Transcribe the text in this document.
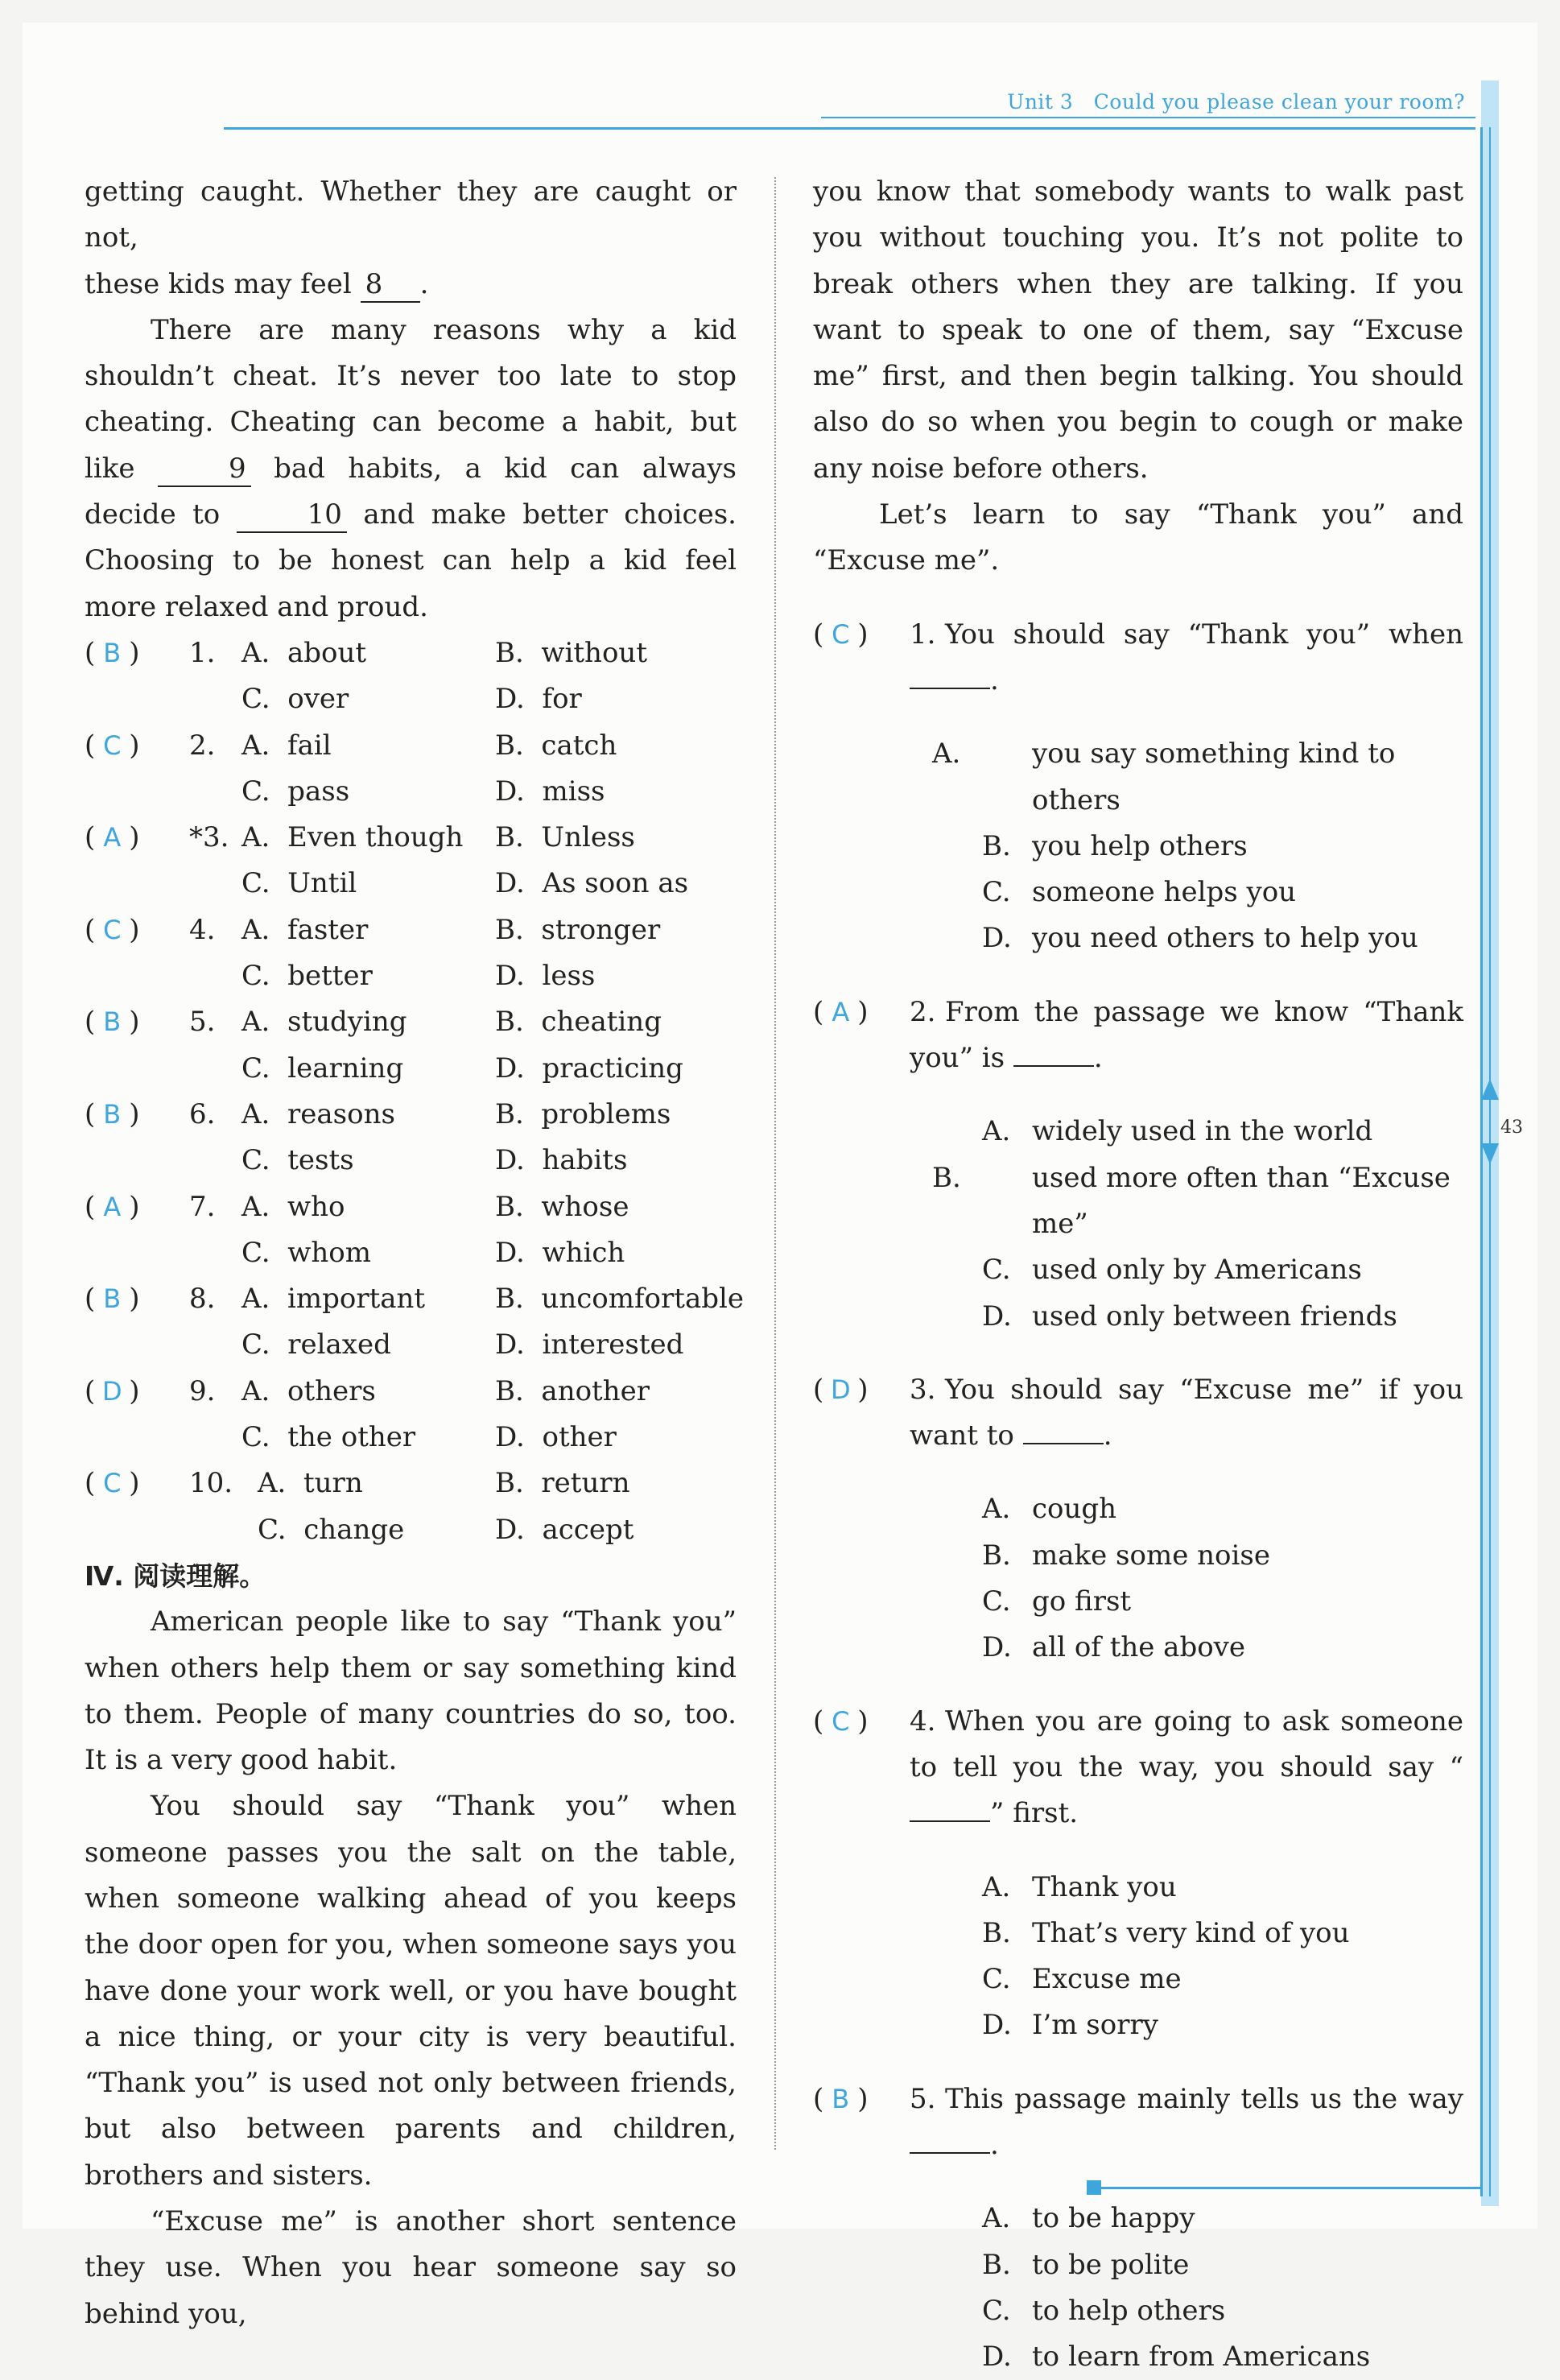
Unit 3 Could you please clean your room?
43

getting caught. Whether they are caught or not,

these kids may feel 8 .

There are many reasons why a kid shouldn’t cheat. It’s never too late to stop cheating. Cheating can become a habit, but like	9 bad habits, a kid can always decide to	10 and make better choices. Choosing to be honest can help a kid feel more relaxed and proud.

( B ) 1. A. about	B. without
C. over	D. for
( C ) 2. A. fail	B. catch
C. pass	D. miss
( A ) *3. A. Even though B. Unless
C. Until	D. As soon as
( C ) 4. A. faster	B. stronger
C. better	D. less
( B ) 5. A. studying	B. cheating
C. learning	D. practicing
( B ) 6. A. reasons	B. problems
C. tests	D. habits
( A ) 7. A. who	B. whose
C. whom	D. which
( B ) 8. A. important	B. uncomfortable
C. relaxed	D. interested
( D ) 9. A. others	B. another
C. the other	D. other
( C ) 10. A. turn	B. return
C. change	D. accept

Ⅳ. 阅读理解。

American people like to say “Thank you” when others help them or say something kind to them. People of many countries do so, too. It is a very good habit.

You should say “Thank you” when someone passes you the salt on the table, when someone walking ahead of you keeps the door open for you, when someone says you have done your work well, or you have bought a nice thing, or your city is very beautiful. “Thank you” is used not only between friends, but also between parents and children, brothers and sisters.

“Excuse me” is another short sentence they use. When you hear someone say so behind you,

you know that somebody wants to walk past you without touching you. It’s not polite to break others when they are talking. If you want to speak to one of them, say “Excuse me” first, and then begin talking. You should also do so when you begin to cough or make any noise before others.

Let’s learn to say “Thank you” and “Excuse me”.

( C ) 1. You should say “Thank you” when .

A.	you say something kind to others
B. you help others
C. someone helps you
D. you need others to help you
( A ) 2. From the passage we know “Thank you” is	.

A. widely used in the world
B.	used more often than “Excuse me”
C. used only by Americans
D. used only between friends
( D ) 3. You should say “Excuse me” if you want to	.

A. cough
B. make some noise
C. go first
D. all of the above
( C ) 4. When you are going to ask someone to tell you the way, you should say “ ” first.

A. Thank you
B. That’s very kind of you
C. Excuse me
D. I’m sorry
( B ) 5. This passage mainly tells us the way .

A. to be happy
B. to be polite
C. to help others
D. to learn from Americans
